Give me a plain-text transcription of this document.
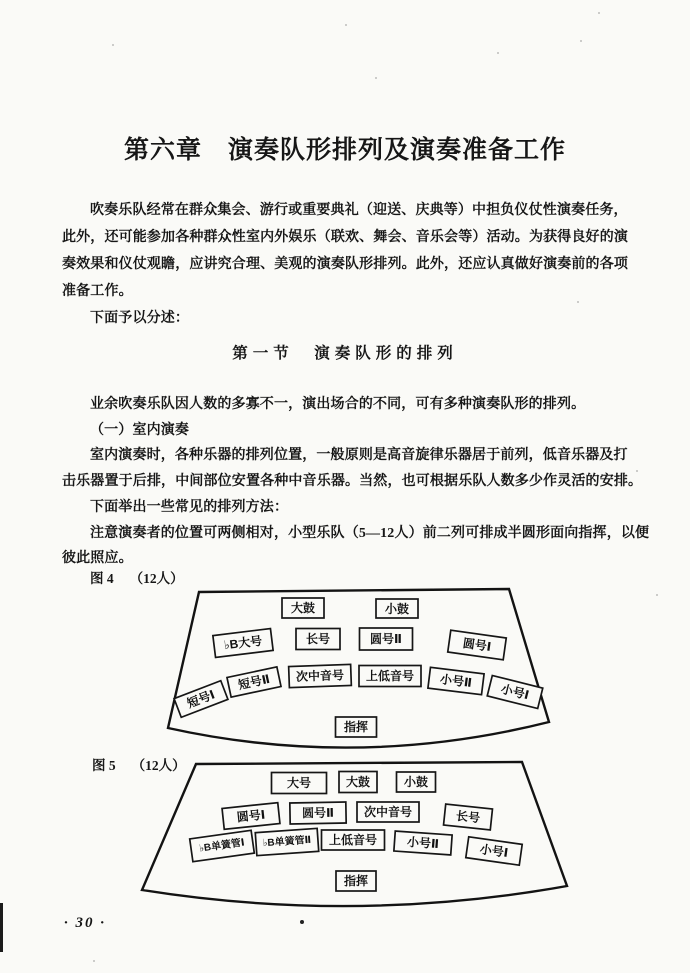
第六章　演奏队形排列及演奏准备工作
吹奏乐队经常在群众集会、游行或重要典礼（迎送、庆典等）中担负仪仗性演奏任务，
此外，还可能参加各种群众性室内外娱乐（联欢、舞会、音乐会等）活动。为获得良好的演
奏效果和仪仗观瞻，应讲究合理、美观的演奏队形排列。此外，还应认真做好演奏前的各项
准备工作。
下面予以分述：
第一节　演奏队形的排列
业余吹奏乐队因人数的多寡不一，演出场合的不同，可有多种演奏队形的排列。
（一）室内演奏
室内演奏时，各种乐器的排列位置，一般原则是高音旋律乐器居于前列，低音乐器及打
击乐器置于后排，中间部位安置各种中音乐器。当然，也可根据乐队人数多少作灵活的安排。
下面举出一些常见的排列方法：
注意演奏者的位置可两侧相对，小型乐队（5—12人）前二列可排成半圆形面向指挥，以便
彼此照应。
图 4 （12人）
大鼓	小鼓
♭B大号	长号	圆号Ⅱ	圆号Ⅰ
短号Ⅰ
短号Ⅱ 次中音号 上低音号 小号Ⅱ
小号Ⅰ
指挥
图 5 （12人）
大号	大鼓	小鼓
圆号Ⅰ	圆号Ⅱ 次中音号	长号
♭B单簧管Ⅰ ♭B单簧管Ⅱ 上低音号 小号Ⅱ	小号Ⅰ
指挥
· 30 ·
